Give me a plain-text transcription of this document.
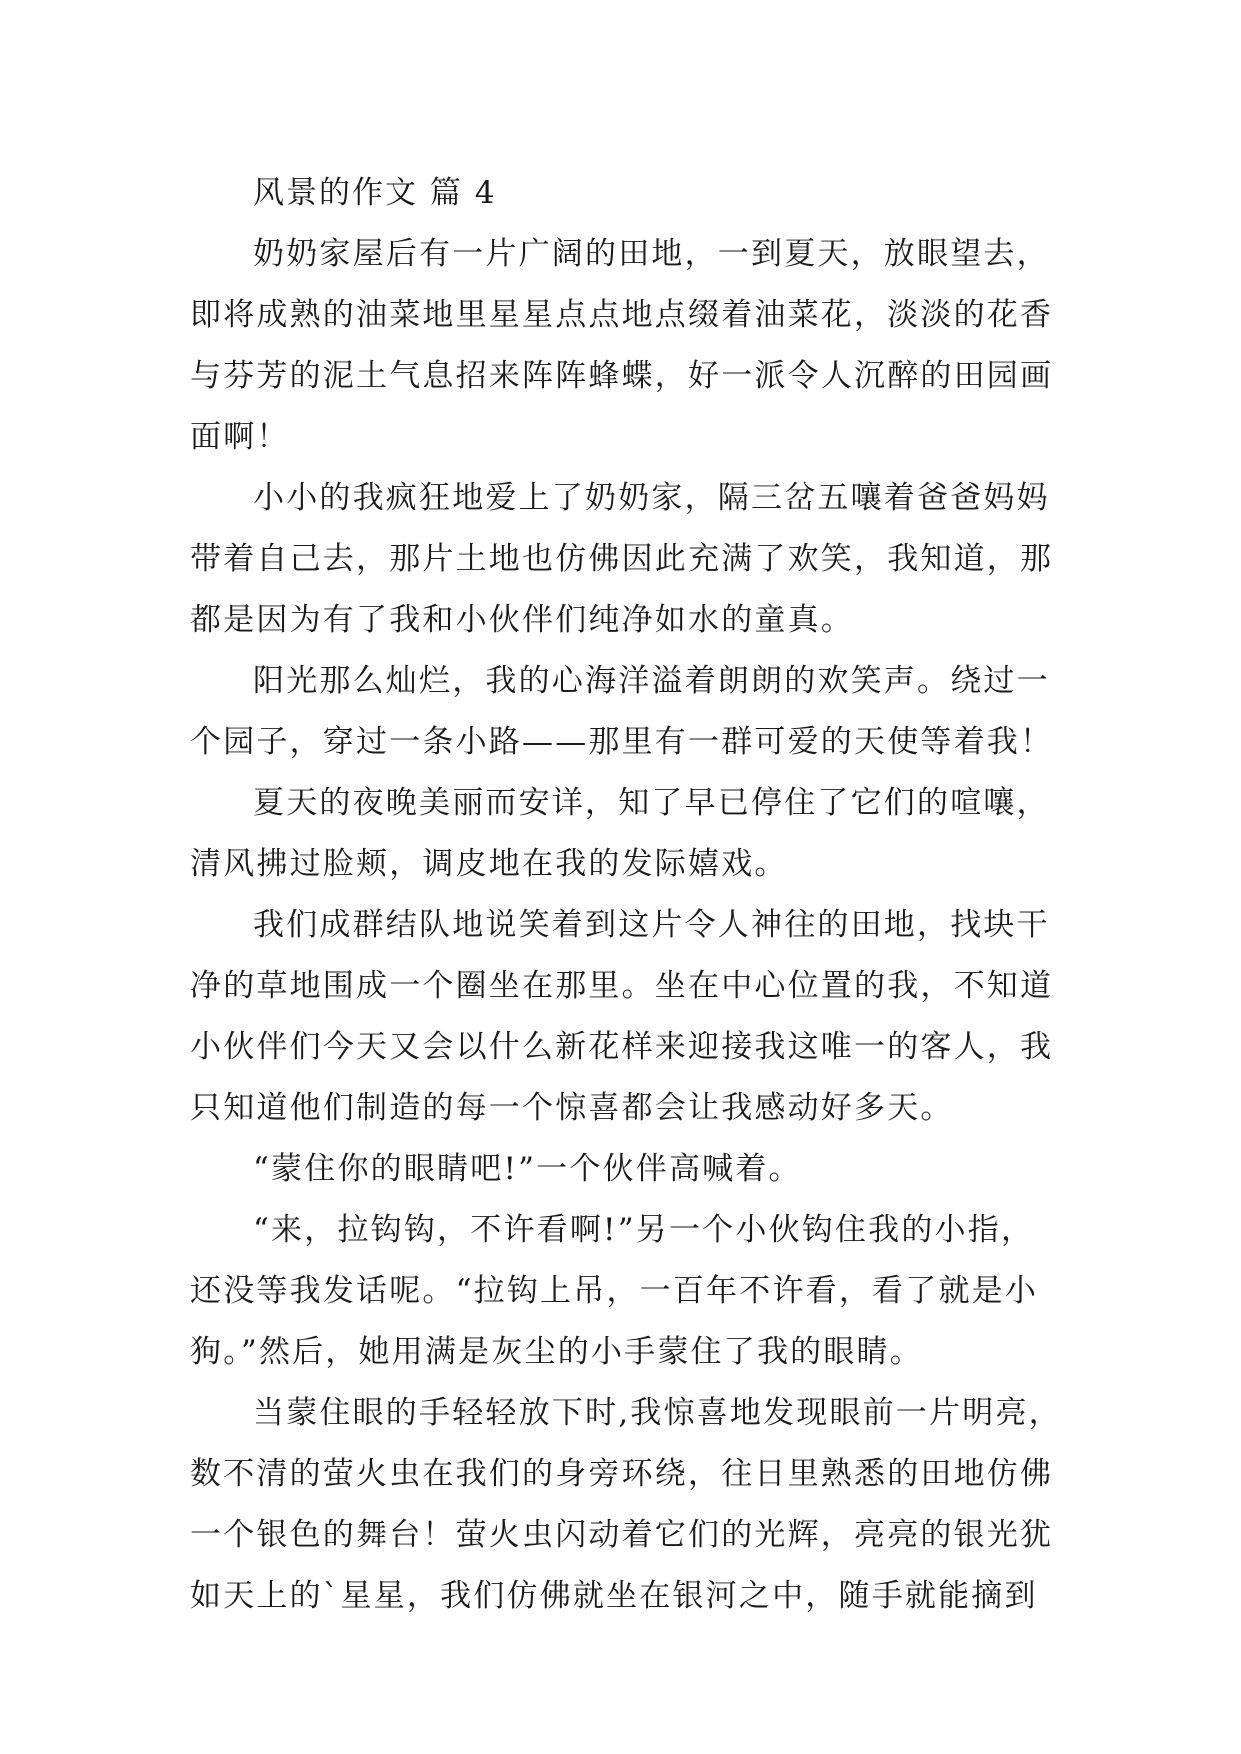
风景的作文 篇 4
奶奶家屋后有一片广阔的田地，一到夏天，放眼望去，
即将成熟的油菜地里星星点点地点缀着油菜花，淡淡的花香
与芬芳的泥土气息招来阵阵蜂蝶，好一派令人沉醉的田园画
面啊！
小小的我疯狂地爱上了奶奶家，隔三岔五嚷着爸爸妈妈
带着自己去，那片土地也仿佛因此充满了欢笑，我知道，那
都是因为有了我和小伙伴们纯净如水的童真。
阳光那么灿烂，我的心海洋溢着朗朗的欢笑声。绕过一
个园子，穿过一条小路——那里有一群可爱的天使等着我！
夏天的夜晚美丽而安详，知了早已停住了它们的喧嚷，
清风拂过脸颊，调皮地在我的发际嬉戏。
我们成群结队地说笑着到这片令人神往的田地，找块干
净的草地围成一个圈坐在那里。坐在中心位置的我，不知道
小伙伴们今天又会以什么新花样来迎接我这唯一的客人，我
只知道他们制造的每一个惊喜都会让我感动好多天。
“蒙住你的眼睛吧!”一个伙伴高喊着。
“来，拉钩钩，不许看啊!”另一个小伙钩住我的小指，
还没等我发话呢。“拉钩上吊，一百年不许看，看了就是小
狗。”然后，她用满是灰尘的小手蒙住了我的眼睛。
当蒙住眼的手轻轻放下时,我惊喜地发现眼前一片明亮，
数不清的萤火虫在我们的身旁环绕，往日里熟悉的田地仿佛
一个银色的舞台！萤火虫闪动着它们的光辉，亮亮的银光犹
如天上的`星星，我们仿佛就坐在银河之中，随手就能摘到
